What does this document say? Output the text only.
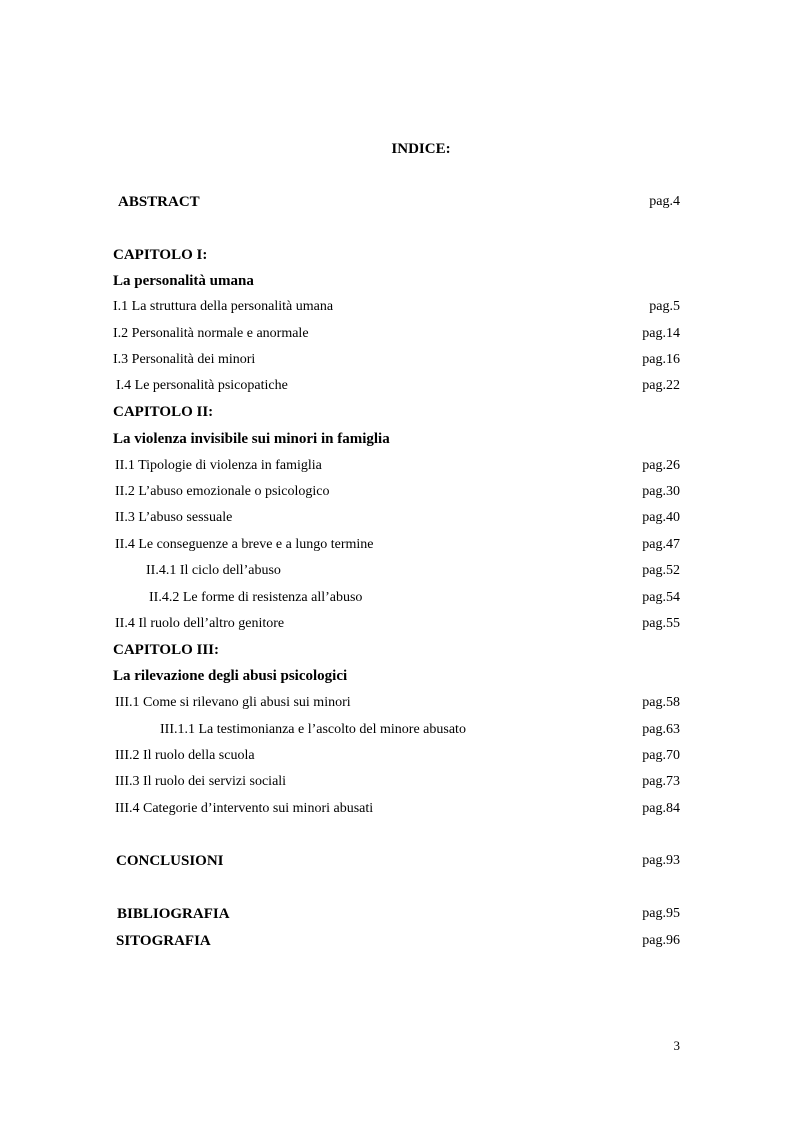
INDICE:
ABSTRACT	pag.4
CAPITOLO I:
La personalità umana
I.1 La struttura della personalità umana	pag.5
I.2 Personalità normale e anormale	pag.14
I.3 Personalità dei minori	pag.16
I.4 Le personalità psicopatiche	pag.22
CAPITOLO II:
La violenza invisibile sui minori in famiglia
II.1 Tipologie di violenza in famiglia	pag.26
II.2 L’abuso emozionale o psicologico	pag.30
II.3 L’abuso sessuale	pag.40
II.4 Le conseguenze a breve e a lungo termine	pag.47
II.4.1 Il ciclo dell’abuso	pag.52
II.4.2 Le forme di resistenza all’abuso	pag.54
II.4 Il ruolo dell’altro genitore	pag.55
CAPITOLO III:
La rilevazione degli abusi psicologici
III.1 Come si rilevano gli abusi sui minori	pag.58
III.1.1 La testimonianza e l’ascolto del minore abusato	pag.63
III.2 Il ruolo della scuola	pag.70
III.3 Il ruolo dei servizi sociali	pag.73
III.4 Categorie d’intervento sui minori abusati	pag.84
CONCLUSIONI	pag.93
BIBLIOGRAFIA	pag.95
SITOGRAFIA	pag.96
3
